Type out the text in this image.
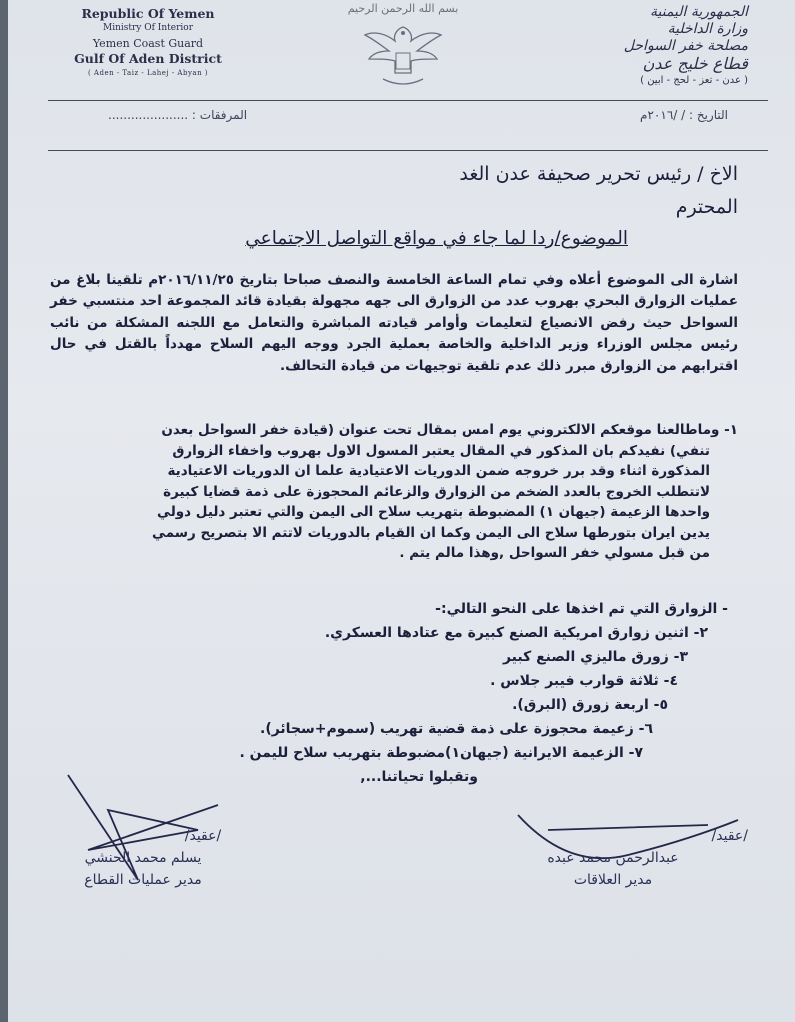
Republic Of Yemen
Ministry Of Interior
Yemen Coast Guard
Gulf Of Aden District
( Aden - Taiz - Lahej - Abyan )
بسم الله الرحمن الرحيم	الجمهورية اليمنية
وزارة الداخلية
مصلحة خفر السواحل
قطاع خليج عدن
( عدن - تعز - لحج - ابين )
التاريخ : / /٢٠١٦م
المرفقات : .....................
الاخ / رئيس تحرير صحيفة عدن الغد
المحترم
الموضوع/ردا لما جاء في مواقع التواصل الاجتماعي
اشارة الى الموضوع أعلاه وفي تمام الساعة الخامسة والنصف صباحا بتاريخ ٢٠١٦/١١/٢٥م تلقينا بلاغ من عمليات الزوارق البحري بهروب عدد من الزوارق الى جهه مجهولة بقيادة قائد المجموعة احد منتسبي خفر السواحل حيث رفض الانصياع لتعليمات وأوامر قيادته المباشرة والتعامل مع اللجنه المشكلة من نائب رئيس مجلس الوزراء وزير الداخلية والخاصة بعملية الجرد ووجه اليهم السلاح مهدداً بالقتل في حال اقترابهم من الزوارق مبرر ذلك عدم تلقية توجيهات من قيادة التحالف.

١- وماطالعنا موقعكم الالكتروني يوم امس بمقال تحت عنوان (قيادة خفر السواحل بعدن

تنفي) نفيدكم بان المذكور في المقال يعتبر المسول الاول بهروب واخفاء الزوارق

المذكورة اثناء وقد برر خروجه ضمن الدوريات الاعتيادية علما ان الدوريات الاعتيادية

لاتتطلب الخروج بالعدد الضخم من الزوارق والزعائم المحجوزة على ذمة قضايا كبيرة

واحدها الزعيمة (جيهان ١) المضبوطة بتهريب سلاح الى اليمن والتي تعتبر دليل دولي

يدين ايران بتورطها سلاح الى اليمن وكما ان القيام بالدوريات لاتتم الا بتصريح رسمي

من قبل مسولي خفر السواحل ,وهذا مالم يتم .

- الزوارق التي تم اخذها على النحو التالي:-

٢- اثنين زوارق امريكية الصنع كبيرة مع عتادها العسكري.

٣- زورق ماليزي الصنع كبير

٤- ثلاثة قوارب فيبر جلاس .

٥- اربعة زورق (البرق).

٦- زعيمة محجوزة على ذمة قضية تهريب (سموم+سجائر).

٧- الزعيمة الايرانية (جيهان١)مضبوطة بتهريب سلاح لليمن .

وتقبلوا تحياتنا...,

/عقيد/
يسلم محمد الحنشي
مدير عمليات القطاع
/عقيد/
عبدالرحمن محمد عبده
مدير العلاقات
